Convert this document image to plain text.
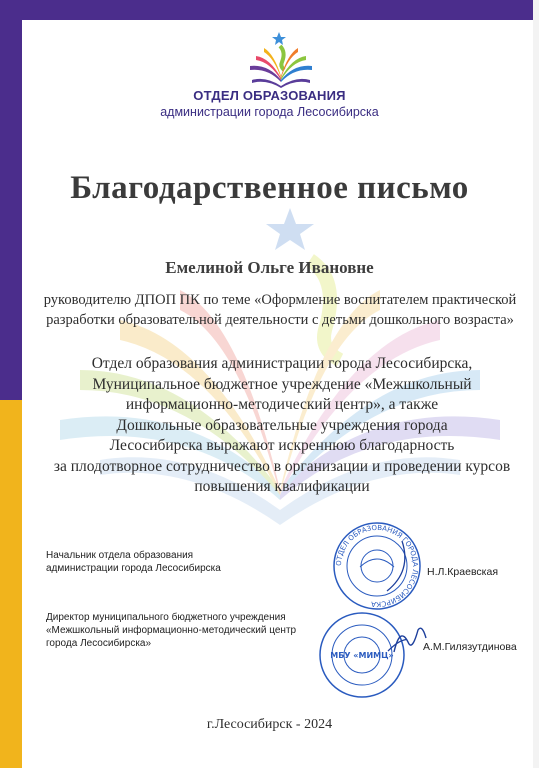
ОТДЕЛ ОБРАЗОВАНИЯ
администрации города Лесосибирска
Благодарственное письмо
Емелиной Ольге Ивановне
руководителю ДПОП ПК по теме «Оформление воспитателем практической
разработки образовательной деятельности с детьми дошкольного возраста»
Отдел образования администрации города Лесосибирска,
Муниципальное бюджетное учреждение «Межшкольный
информационно-методический центр», а также
Дошкольные образовательные учреждения города
Лесосибирска выражают искреннюю благодарность
за плодотворное сотрудничество в организации и проведении курсов
повышения квалификации
Начальник отдела образования
администрации города Лесосибирска	Н.Л.Краевская
Директор муниципального бюджетного учреждения
«Межшкольный информационно-методический центр
города Лесосибирска»	А.М.Гилязутдинова
ОТДЕЛ ОБРАЗОВАНИЯ ГОРОДА ЛЕСОСИБИРСКА
МБУ «МИМЦ»
г.Лесосибирск - 2024
